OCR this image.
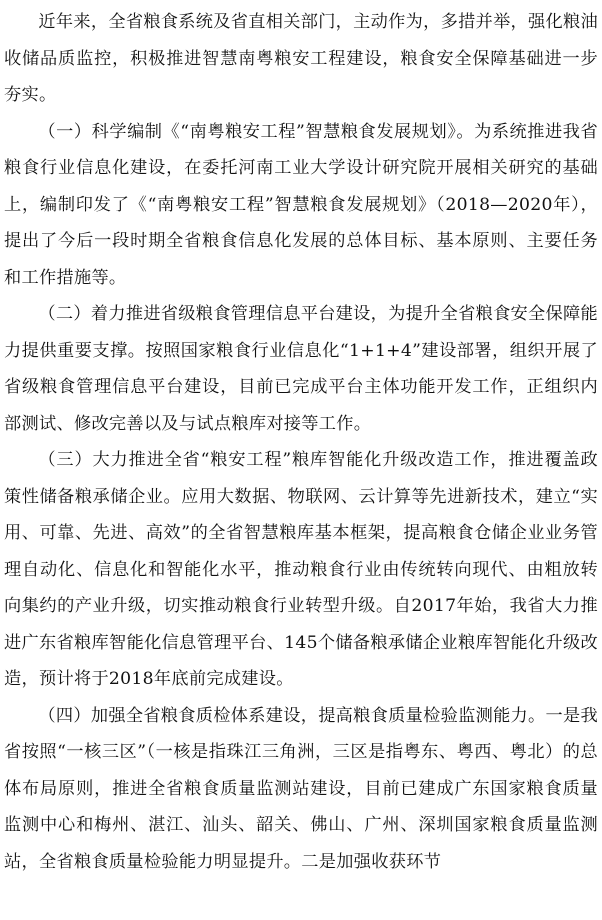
近年来，全省粮食系统及省直相关部门，主动作为，多措并举，强化粮油收储品质监控，积极推进智慧南粤粮安工程建设，粮食安全保障基础进一步夯实。

（一）科学编制《“南粤粮安工程”智慧粮食发展规划》。为系统推进我省粮食行业信息化建设，在委托河南工业大学设计研究院开展相关研究的基础上，编制印发了《“南粤粮安工程”智慧粮食发展规划》（2018—2020年），提出了今后一段时期全省粮食信息化发展的总体目标、基本原则、主要任务和工作措施等。

（二）着力推进省级粮食管理信息平台建设，为提升全省粮食安全保障能力提供重要支撑。按照国家粮食行业信息化“1+1+4”建设部署，组织开展了省级粮食管理信息平台建设，目前已完成平台主体功能开发工作，正组织内部测试、修改完善以及与试点粮库对接等工作。

（三）大力推进全省“粮安工程”粮库智能化升级改造工作，推进覆盖政策性储备粮承储企业。应用大数据、物联网、云计算等先进新技术，建立“实用、可靠、先进、高效”的全省智慧粮库基本框架，提高粮食仓储企业业务管理自动化、信息化和智能化水平，推动粮食行业由传统转向现代、由粗放转向集约的产业升级，切实推动粮食行业转型升级。自2017年始，我省大力推进广东省粮库智能化信息管理平台、145个储备粮承储企业粮库智能化升级改造，预计将于2018年底前完成建设。

（四）加强全省粮食质检体系建设，提高粮食质量检验监测能力。一是我省按照“一核三区”（一核是指珠江三角洲，三区是指粤东、粤西、粤北）的总体布局原则，推进全省粮食质量监测站建设，目前已建成广东国家粮食质量监测中心和梅州、湛江、汕头、韶关、佛山、广州、深圳国家粮食质量监测站，全省粮食质量检验能力明显提升。二是加强收获环节
